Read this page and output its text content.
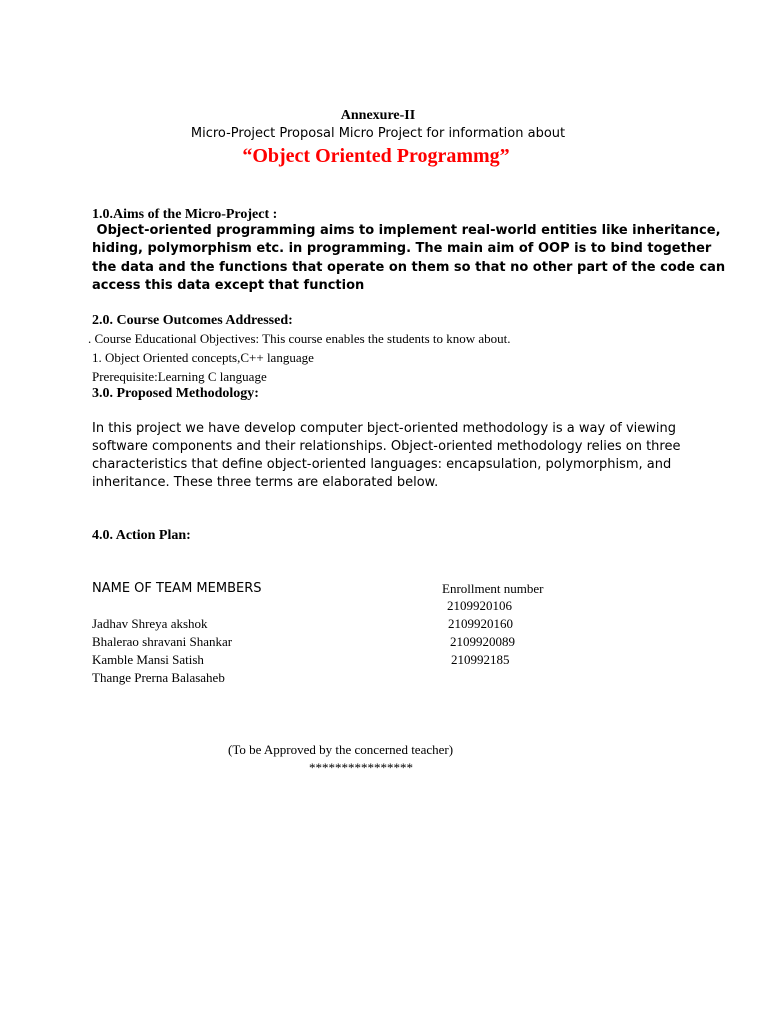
Annexure-II
Micro-Project Proposal Micro Project for information about
“Object Oriented Programmg”
1.0.Aims of the Micro-Project :
Object-oriented programming aims to implement real-world entities like inheritance,
hiding, polymorphism etc. in programming. The main aim of OOP is to bind together
the data and the functions that operate on them so that no other part of the code can
access this data except that function
2.0. Course Outcomes Addressed:
. Course Educational Objectives: This course enables the students to know about.
1. Object Oriented concepts,C++ language
Prerequisite:Learning C language
3.0. Proposed Methodology:
In this project we have develop computer bject-oriented methodology is a way of viewing
software components and their relationships. Object-oriented methodology relies on three
characteristics that define object-oriented languages: encapsulation, polymorphism, and
inheritance. These three terms are elaborated below.
4.0. Action Plan:
NAME OF TEAM MEMBERS	Enrollment number
2109920106
Jadhav Shreya akshok	2109920160
Bhalerao shravani Shankar	2109920089
Kamble Mansi Satish	210992185
Thange Prerna Balasaheb
(To be Approved by the concerned teacher)
****************
